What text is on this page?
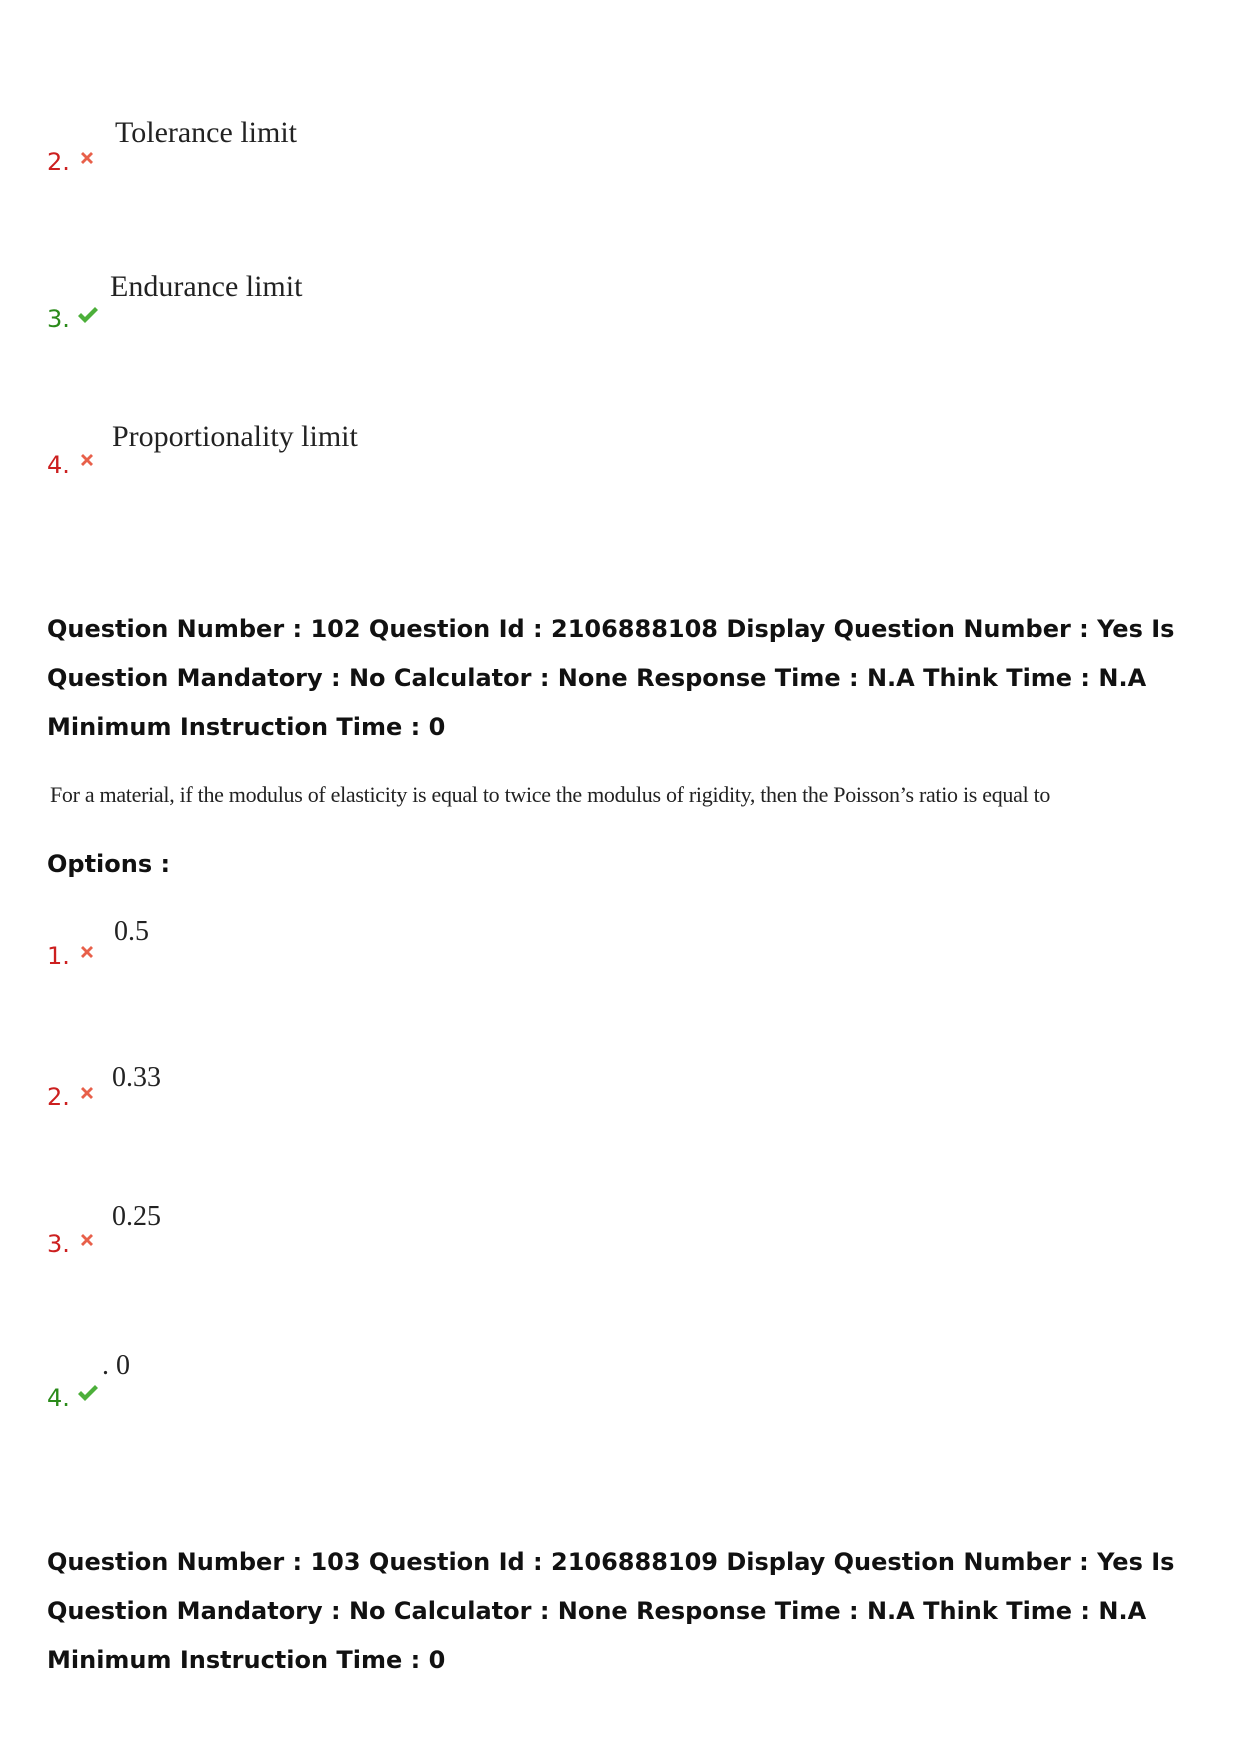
2.
Tolerance limit
3.
Endurance limit
4.
Proportionality limit
Question Number : 102 Question Id : 2106888108 Display Question Number : Yes Is Question Mandatory : No Calculator : None Response Time : N.A Think Time : N.A Minimum Instruction Time : 0
For a material, if the modulus of elasticity is equal to twice the modulus of rigidity, then the Poisson’s ratio is equal to
Options :
1.
0.5
2.
0.33
3.
0.25
4.
. 0
Question Number : 103 Question Id : 2106888109 Display Question Number : Yes Is Question Mandatory : No Calculator : None Response Time : N.A Think Time : N.A Minimum Instruction Time : 0
